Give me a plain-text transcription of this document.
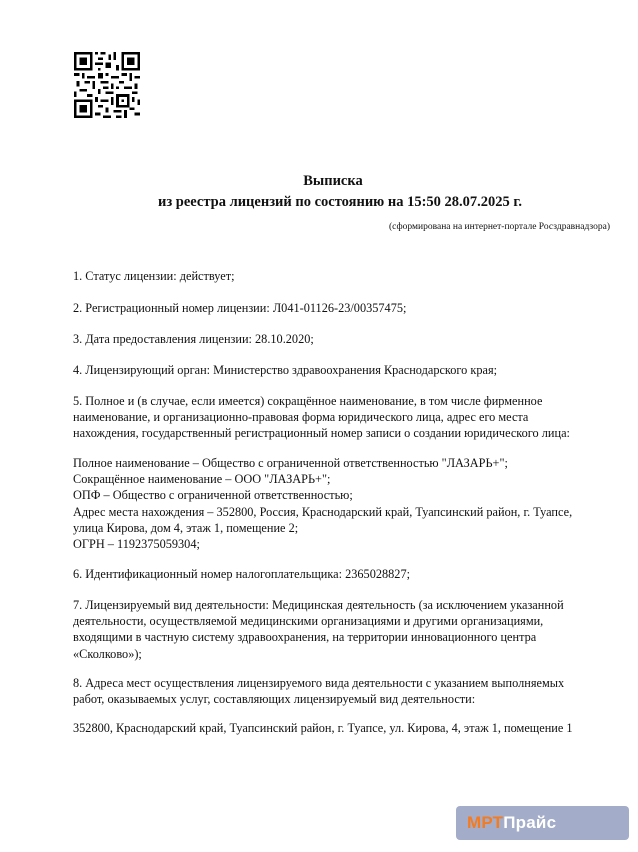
Выписка
из реестра лицензий по состоянию на 15:50 28.07.2025 г.
(сформирована на интернет-портале Росздравнадзора)
1. Статус лицензии: действует;
2. Регистрационный номер лицензии: Л041-01126-23/00357475;
3. Дата предоставления лицензии: 28.10.2020;
4. Лицензирующий орган: Министерство здравоохранения Краснодарского края;
5. Полное и (в случае, если имеется) сокращённое наименование, в том числе фирменное
наименование, и организационно-правовая форма юридического лица, адрес его места
нахождения, государственный регистрационный номер записи о создании юридического лица:
Полное наименование – Общество с ограниченной ответственностью "ЛАЗАРЬ+";
Сокращённое наименование – ООО "ЛАЗАРЬ+";
ОПФ – Общество с ограниченной ответственностью;
Адрес места нахождения – 352800, Россия, Краснодарский край, Туапсинский район, г. Туапсе,
улица Кирова, дом 4, этаж 1, помещение 2;
ОГРН – 1192375059304;
6. Идентификационный номер налогоплательщика: 2365028827;
7. Лицензируемый вид деятельности: Медицинская деятельность (за исключением указанной
деятельности, осуществляемой медицинскими организациями и другими организациями,
входящими в частную систему здравоохранения, на территории инновационного центра
«Сколково»);
8. Адреса мест осуществления лицензируемого вида деятельности с указанием выполняемых
работ, оказываемых услуг, составляющих лицензируемый вид деятельности:
352800, Краснодарский край, Туапсинский район, г. Туапсе, ул. Кирова, 4, этаж 1, помещение 1
МРТПрайс
